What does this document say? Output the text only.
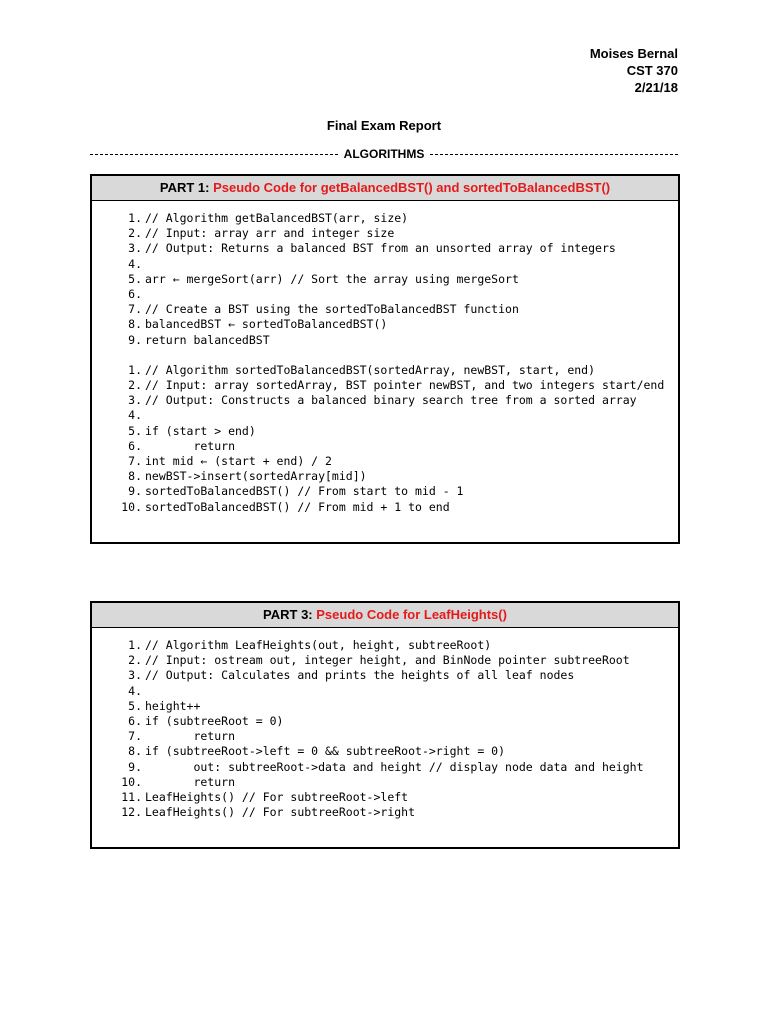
Moises Bernal
CST 370
2/21/18
Final Exam Report
ALGORITHMS
PART 1: Pseudo Code for getBalancedBST() and sortedToBalancedBST()
1. // Algorithm getBalancedBST(arr, size)
2. // Input: array arr and integer size
3. // Output: Returns a balanced BST from an unsorted array of integers
4.
5. arr ← mergeSort(arr) // Sort the array using mergeSort
6.
7. // Create a BST using the sortedToBalancedBST function
8. balancedBST ← sortedToBalancedBST()
9. return balancedBST
1. // Algorithm sortedToBalancedBST(sortedArray, newBST, start, end)
2. // Input: array sortedArray, BST pointer newBST, and two integers start/end
3. // Output: Constructs a balanced binary search tree from a sorted array
4.
5. if (start > end)
6. return
7. int mid ← (start + end) / 2
8. newBST->insert(sortedArray[mid])
9. sortedToBalancedBST() // From start to mid - 1
10. sortedToBalancedBST() // From mid + 1 to end
PART 3: Pseudo Code for LeafHeights()
1. // Algorithm LeafHeights(out, height, subtreeRoot)
2. // Input: ostream out, integer height, and BinNode pointer subtreeRoot
3. // Output: Calculates and prints the heights of all leaf nodes
4.
5. height++
6. if (subtreeRoot = 0)
7. return
8. if (subtreeRoot->left = 0 && subtreeRoot->right = 0)
9. out: subtreeRoot->data and height // display node data and height
10. return
11. LeafHeights() // For subtreeRoot->left
12. LeafHeights() // For subtreeRoot->right
